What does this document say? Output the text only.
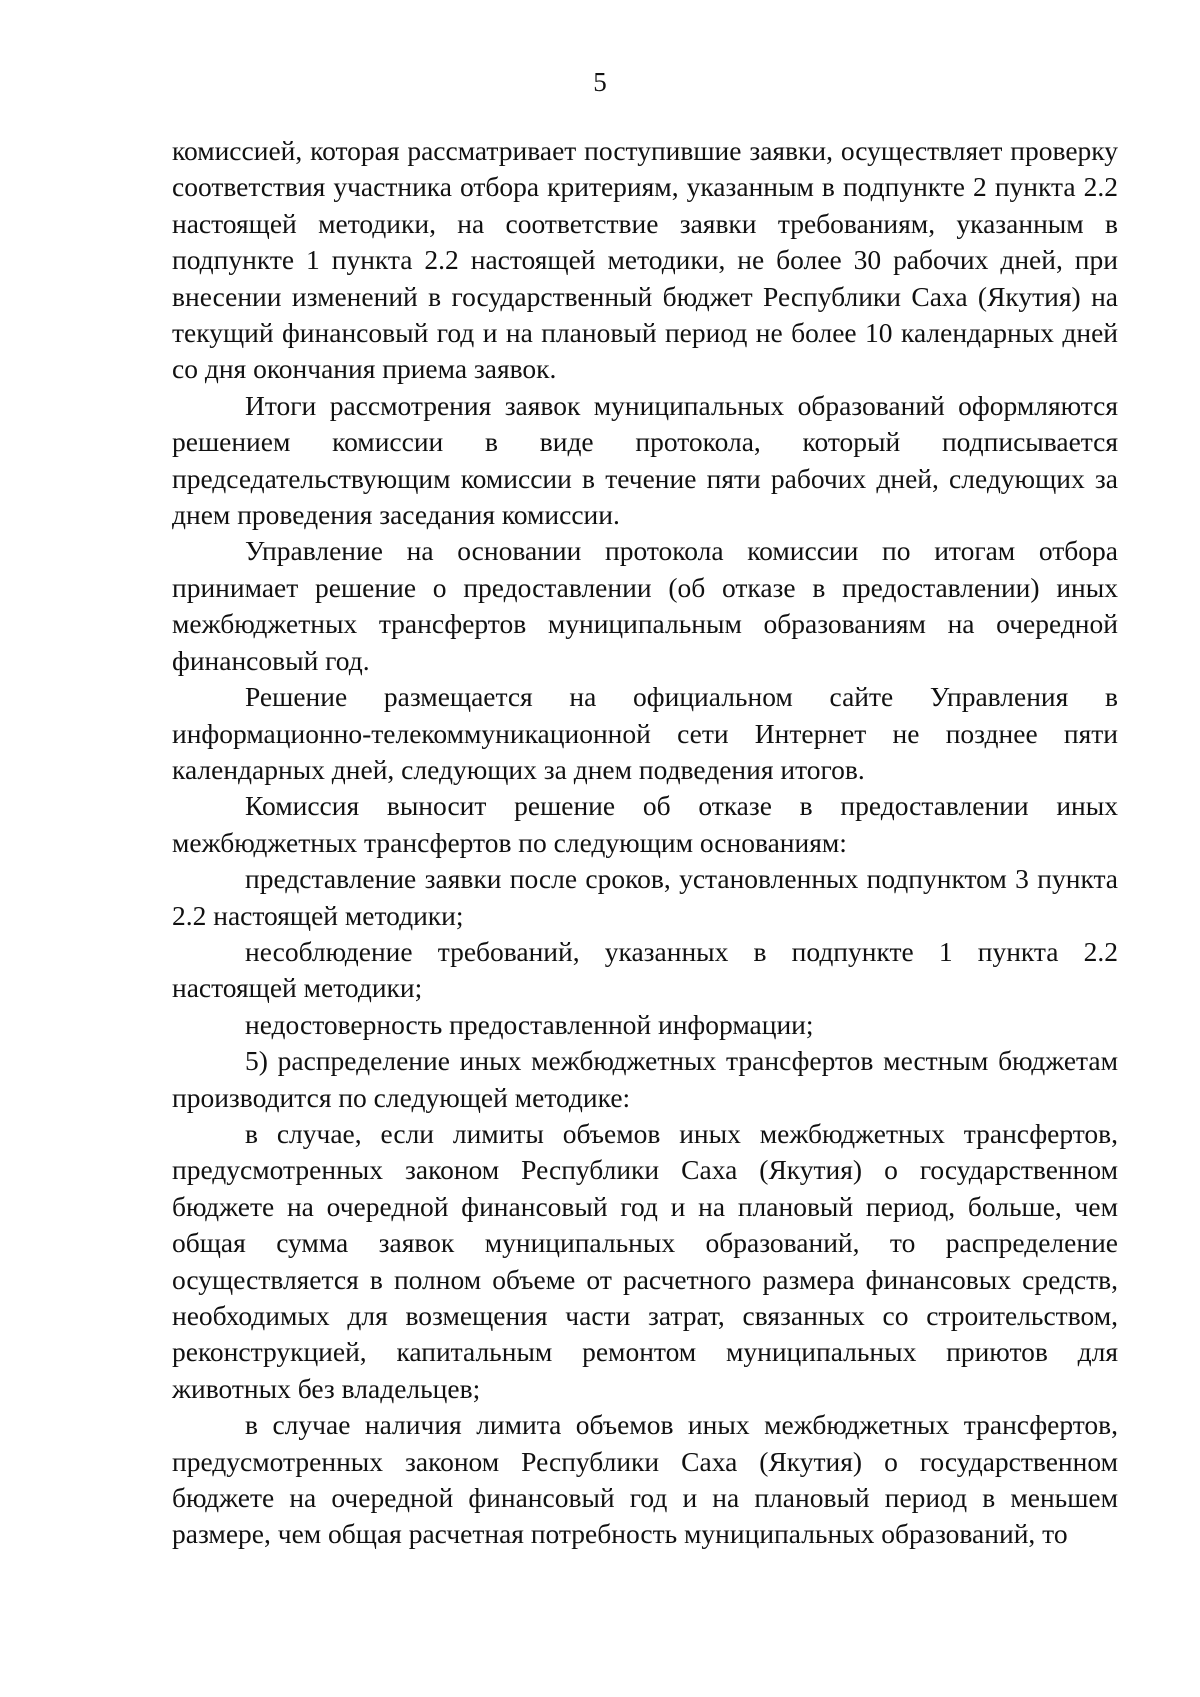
5

комиссией, которая рассматривает поступившие заявки, осуществляет проверку соответствия участника отбора критериям, указанным в подпункте 2 пункта 2.2 настоящей методики, на соответствие заявки требованиям, указанным в подпункте 1 пункта 2.2 настоящей методики, не более 30 рабочих дней, при внесении изменений в государственный бюджет Республики Саха (Якутия) на текущий финансовый год и на плановый период не более 10 календарных дней со дня окончания приема заявок.

Итоги рассмотрения заявок муниципальных образований оформляются решением комиссии в виде протокола, который подписывается председательствующим комиссии в течение пяти рабочих дней, следующих за днем проведения заседания комиссии.

Управление на основании протокола комиссии по итогам отбора принимает решение о предоставлении (об отказе в предоставлении) иных межбюджетных трансфертов муниципальным образованиям на очередной финансовый год.

Решение размещается на официальном сайте Управления в информационно-телекоммуникационной сети Интернет не позднее пяти календарных дней, следующих за днем подведения итогов.

Комиссия выносит решение об отказе в предоставлении иных межбюджетных трансфертов по следующим основаниям:

представление заявки после сроков, установленных подпунктом 3 пункта 2.2 настоящей методики;

несоблюдение требований, указанных в подпункте 1 пункта 2.2 настоящей методики;

недостоверность предоставленной информации;

5) распределение иных межбюджетных трансфертов местным бюджетам производится по следующей методике:

в случае, если лимиты объемов иных межбюджетных трансфертов, предусмотренных законом Республики Саха (Якутия) о государственном бюджете на очередной финансовый год и на плановый период, больше, чем общая сумма заявок муниципальных образований, то распределение осуществляется в полном объеме от расчетного размера финансовых средств, необходимых для возмещения части затрат, связанных со строительством, реконструкцией, капитальным ремонтом муниципальных приютов для животных без владельцев;

в случае наличия лимита объемов иных межбюджетных трансфертов, предусмотренных законом Республики Саха (Якутия) о государственном бюджете на очередной финансовый год и на плановый период в меньшем размере, чем общая расчетная потребность муниципальных образований, то
